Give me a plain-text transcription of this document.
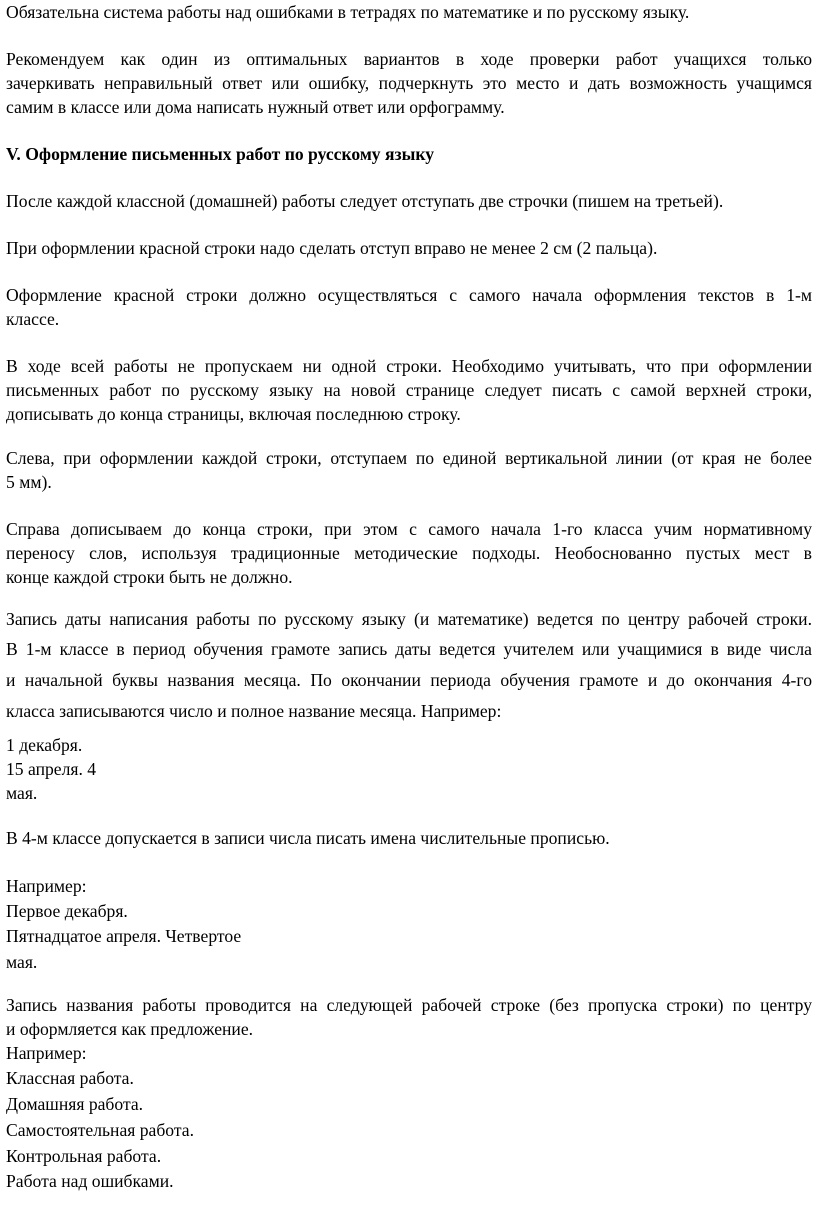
Обязательна система работы над ошибками в тетрадях по математике и по русскому языку.
Рекомендуем как один из оптимальных вариантов в ходе проверки работ учащихся только
зачеркивать неправильный ответ или ошибку, подчеркнуть это место и дать возможность учащимся
самим в классе или дома написать нужный ответ или орфограмму.
V. Оформление письменных работ по русскому языку
После каждой классной (домашней) работы следует отступать две строчки (пишем на третьей).
При оформлении красной строки надо сделать отступ вправо не менее 2 см (2 пальца).
Оформление красной строки должно осуществляться с самого начала оформления текстов в 1-м
классе.
В ходе всей работы не пропускаем ни одной строки. Необходимо учитывать, что при оформлении
письменных работ по русскому языку на новой странице следует писать с самой верхней строки,
дописывать до конца страницы, включая последнюю строку.
Слева, при оформлении каждой строки, отступаем по единой вертикальной линии (от края не более
5 мм).
Справа дописываем до конца строки, при этом с самого начала 1-го класса учим нормативному
переносу слов, используя традиционные методические подходы. Необоснованно пустых мест в
конце каждой строки быть не должно.
Запись даты написания работы по русскому языку (и математике) ведется по центру рабочей строки.
В 1-м классе в период обучения грамоте запись даты ведется учителем или учащимися в виде числа
и начальной буквы названия месяца. По окончании периода обучения грамоте и до окончания 4-го
класса записываются число и полное название месяца. Например:
1 декабря.
15 апреля. 4
мая.
В 4-м классе допускается в записи числа писать имена числительные прописью.
Например:
Первое декабря.
Пятнадцатое апреля. Четвертое
мая.
Запись названия работы проводится на следующей рабочей строке (без пропуска строки) по центру
и оформляется как предложение.
Например:
Классная работа.
Домашняя работа.
Самостоятельная работа.
Контрольная работа.
Работа над ошибками.
